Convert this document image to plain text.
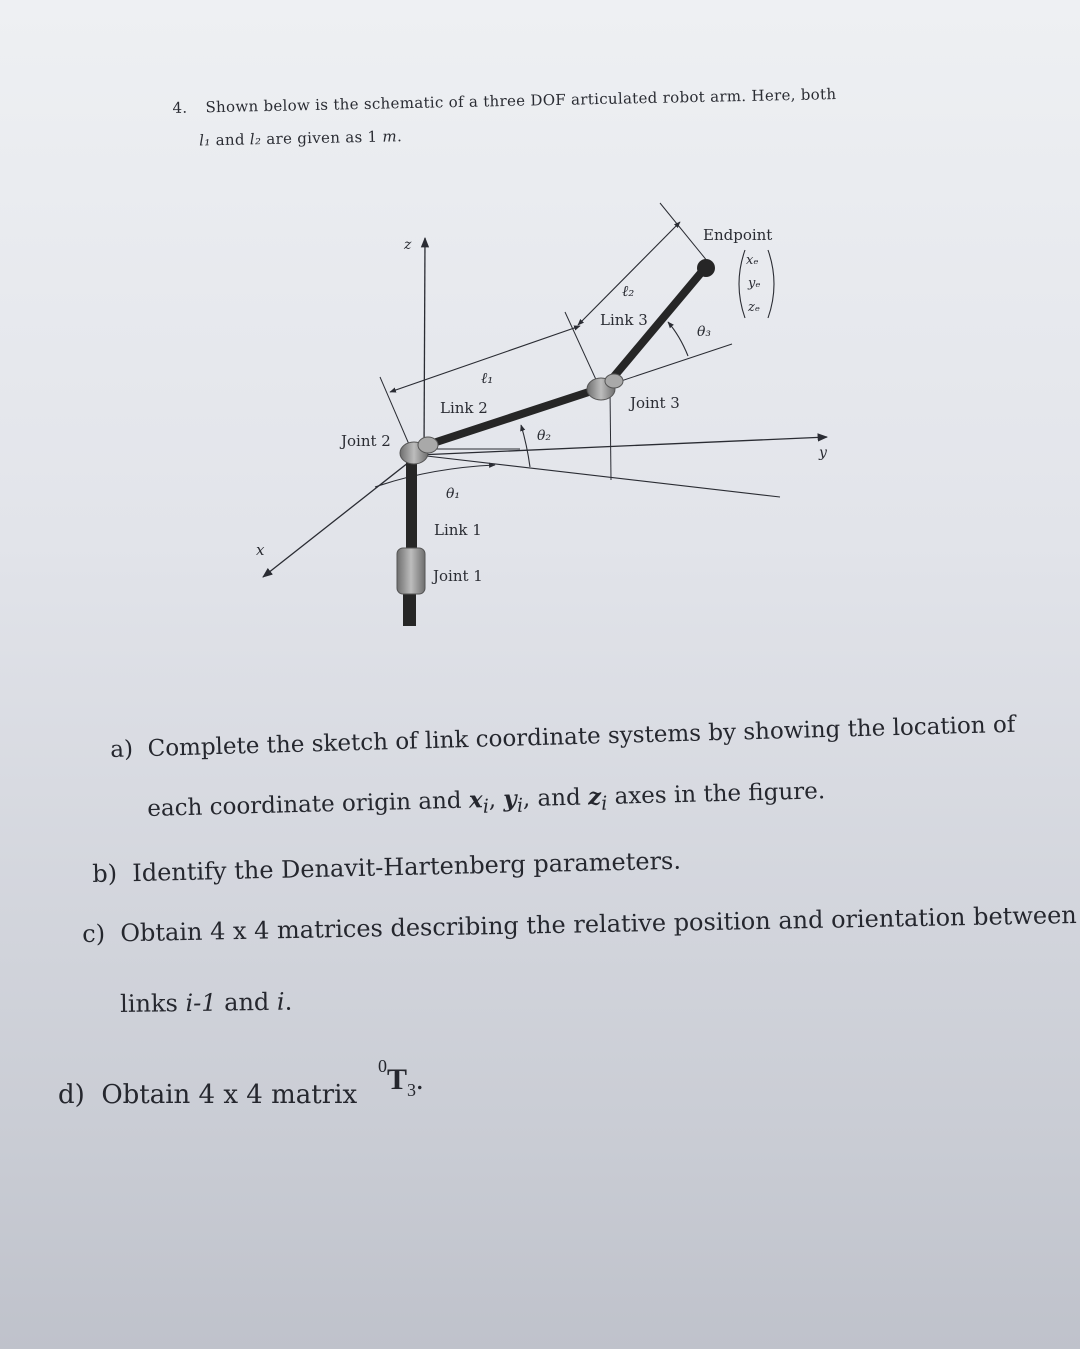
4. Shown below is the schematic of a three DOF articulated robot arm. Here, both
l₁ and l₂ are given as 1 m.
z
x
y
Endpoint
xₑ
yₑ
zₑ
ℓ₁
ℓ₂
θ₁
θ₂
θ₃
Link 1
Link 2
Link 3
Joint 1
Joint 2
Joint 3
a) Complete the sketch of link coordinate systems by showing the location of
each coordinate origin and $x_i$, $y_i$, and $z_i$ axes in the figure.
b) Identify the Denavit-Hartenberg parameters.
c) Obtain 4 x 4 matrices describing the relative position and orientation between
links i-1 and i.
d) Obtain 4 x 4 matrix
$^0T_3$.
